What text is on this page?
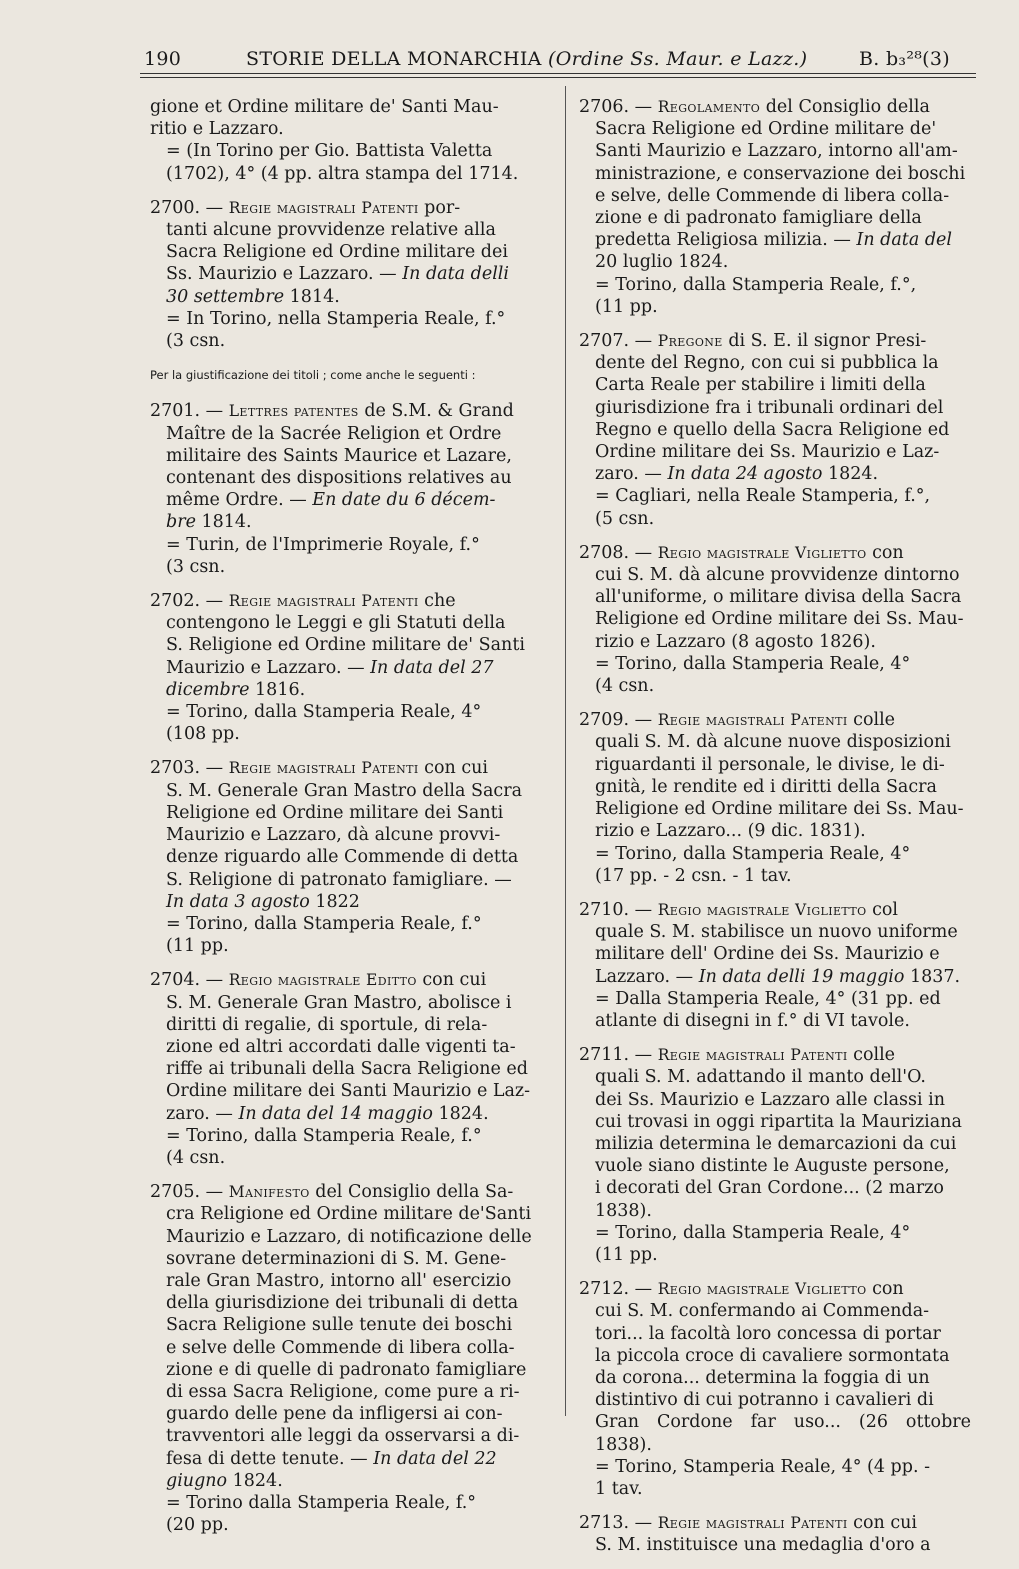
190	STORIE DELLA MONARCHIA (Ordine Ss. Maur. e Lazz.)	B. b₃²⁸(3)
gione et Ordine militare de' Santi Mau-
ritio e Lazzaro.
= (In Torino per Gio. Battista Valetta
(1702), 4° (4 pp. altra stampa del 1714.
2700. — Regie magistrali Patenti por-
tanti alcune provvidenze relative alla
Sacra Religione ed Ordine militare dei
Ss. Maurizio e Lazzaro. — In data delli
30 settembre 1814.
= In Torino, nella Stamperia Reale, f.°
(3 csn.
Per la giustificazione dei titoli ; come anche le seguenti :
2701. — Lettres patentes de S.M. & Grand
Maître de la Sacrée Religion et Ordre
militaire des Saints Maurice et Lazare,
contenant des dispositions relatives au
même Ordre. — En date du 6 décem-
bre 1814.
= Turin, de l'Imprimerie Royale, f.°
(3 csn.
2702. — Regie magistrali Patenti che
contengono le Leggi e gli Statuti della
S. Religione ed Ordine militare de' Santi
Maurizio e Lazzaro. — In data del 27
dicembre 1816.
= Torino, dalla Stamperia Reale, 4°
(108 pp.
2703. — Regie magistrali Patenti con cui
S. M. Generale Gran Mastro della Sacra
Religione ed Ordine militare dei Santi
Maurizio e Lazzaro, dà alcune provvi-
denze riguardo alle Commende di detta
S. Religione di patronato famigliare. —
In data 3 agosto 1822
= Torino, dalla Stamperia Reale, f.°
(11 pp.
2704. — Regio magistrale Editto con cui
S. M. Generale Gran Mastro, abolisce i
diritti di regalie, di sportule, di rela-
zione ed altri accordati dalle vigenti ta-
riffe ai tribunali della Sacra Religione ed
Ordine militare dei Santi Maurizio e Laz-
zaro. — In data del 14 maggio 1824.
= Torino, dalla Stamperia Reale, f.°
(4 csn.
2705. — Manifesto del Consiglio della Sa-
cra Religione ed Ordine militare de'Santi
Maurizio e Lazzaro, di notificazione delle
sovrane determinazioni di S. M. Gene-
rale Gran Mastro, intorno all' esercizio
della giurisdizione dei tribunali di detta
Sacra Religione sulle tenute dei boschi
e selve delle Commende di libera colla-
zione e di quelle di padronato famigliare
di essa Sacra Religione, come pure a ri-
guardo delle pene da infligersi ai con-
travventori alle leggi da osservarsi a di-
fesa di dette tenute. — In data del 22
giugno 1824.
= Torino dalla Stamperia Reale, f.°
(20 pp.
2706. — Regolamento del Consiglio della
Sacra Religione ed Ordine militare de'
Santi Maurizio e Lazzaro, intorno all'am-
ministrazione, e conservazione dei boschi
e selve, delle Commende di libera colla-
zione e di padronato famigliare della
predetta Religiosa milizia. — In data del
20 luglio 1824.
= Torino, dalla Stamperia Reale, f.°,
(11 pp.
2707. — Pregone di S. E. il signor Presi-
dente del Regno, con cui si pubblica la
Carta Reale per stabilire i limiti della
giurisdizione fra i tribunali ordinari del
Regno e quello della Sacra Religione ed
Ordine militare dei Ss. Maurizio e Laz-
zaro. — In data 24 agosto 1824.
= Cagliari, nella Reale Stamperia, f.°,
(5 csn.
2708. — Regio magistrale Viglietto con
cui S. M. dà alcune provvidenze dintorno
all'uniforme, o militare divisa della Sacra
Religione ed Ordine militare dei Ss. Mau-
rizio e Lazzaro (8 agosto 1826).
= Torino, dalla Stamperia Reale, 4°
(4 csn.
2709. — Regie magistrali Patenti colle
quali S. M. dà alcune nuove disposizioni
riguardanti il personale, le divise, le di-
gnità, le rendite ed i diritti della Sacra
Religione ed Ordine militare dei Ss. Mau-
rizio e Lazzaro... (9 dic. 1831).
= Torino, dalla Stamperia Reale, 4°
(17 pp. - 2 csn. - 1 tav.
2710. — Regio magistrale Viglietto col
quale S. M. stabilisce un nuovo uniforme
militare dell' Ordine dei Ss. Maurizio e
Lazzaro. — In data delli 19 maggio 1837.
= Dalla Stamperia Reale, 4° (31 pp. ed
atlante di disegni in f.° di VI tavole.
2711. — Regie magistrali Patenti colle
quali S. M. adattando il manto dell'O.
dei Ss. Maurizio e Lazzaro alle classi in
cui trovasi in oggi ripartita la Mauriziana
milizia determina le demarcazioni da cui
vuole siano distinte le Auguste persone,
i decorati del Gran Cordone... (2 marzo
1838).
= Torino, dalla Stamperia Reale, 4°
(11 pp.
2712. — Regio magistrale Viglietto con
cui S. M. confermando ai Commenda-
tori... la facoltà loro concessa di portar
la piccola croce di cavaliere sormontata
da corona... determina la foggia di un
distintivo di cui potranno i cavalieri di
Gran Cordone far uso... (26 ottobre 1838).
= Torino, Stamperia Reale, 4° (4 pp. -
1 tav.
2713. — Regie magistrali Patenti con cui
S. M. instituisce una medaglia d'oro a
